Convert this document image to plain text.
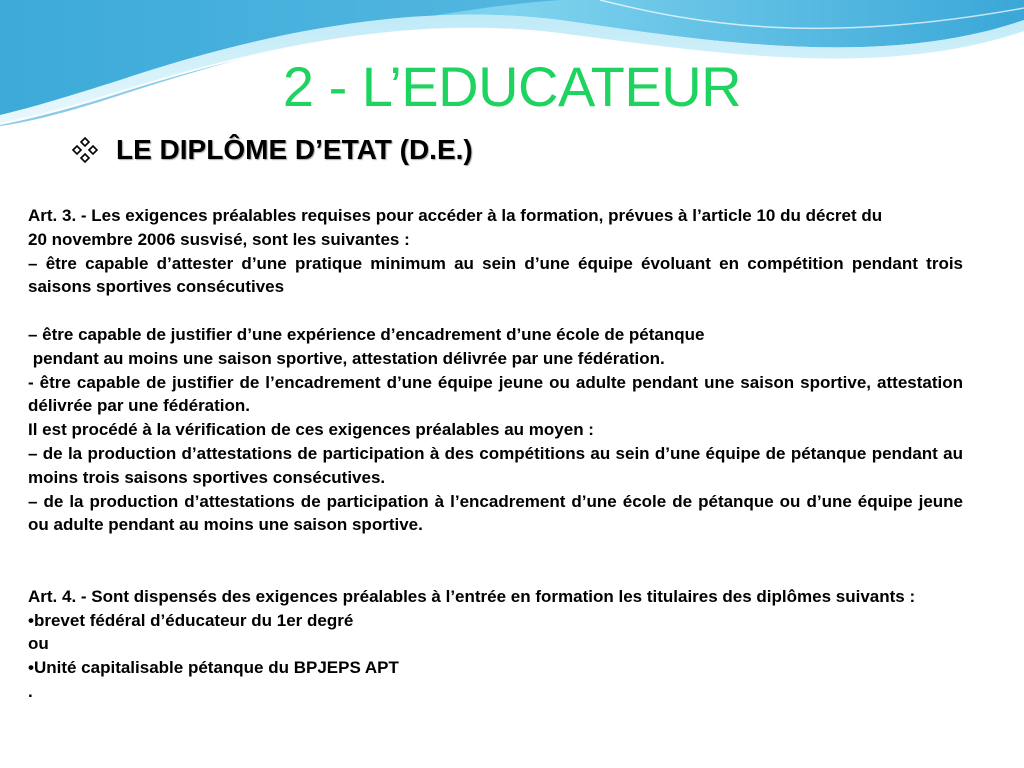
2 - L’EDUCATEUR
LE DIPLÔME D’ETAT (D.E.)

Art. 3. - Les exigences préalables requises pour accéder à la formation, prévues à l’article 10 du décret du

20 novembre 2006 susvisé, sont les suivantes :

– être capable d’attester d’une pratique minimum au sein d’une équipe évoluant en compétition pendant trois saisons sportives consécutives

– être capable de justifier d’une expérience d’encadrement d’une école de pétanque

pendant au moins une saison sportive, attestation délivrée par une fédération.

- être capable de justifier de l’encadrement d’une équipe jeune ou adulte pendant une saison sportive, attestation délivrée par une fédération.

Il est procédé à la vérification de ces exigences préalables au moyen :

– de la production d’attestations de participation à des compétitions au sein d’une équipe de pétanque pendant au moins trois saisons sportives consécutives.

– de la production d’attestations de participation à l’encadrement d’une école de pétanque ou d’une équipe jeune ou adulte pendant au moins une saison sportive.

Art. 4. - Sont dispensés des exigences préalables à l’entrée en formation les titulaires des diplômes suivants :

•brevet fédéral d’éducateur du 1er degré

ou

•Unité capitalisable pétanque du BPJEPS APT

.
